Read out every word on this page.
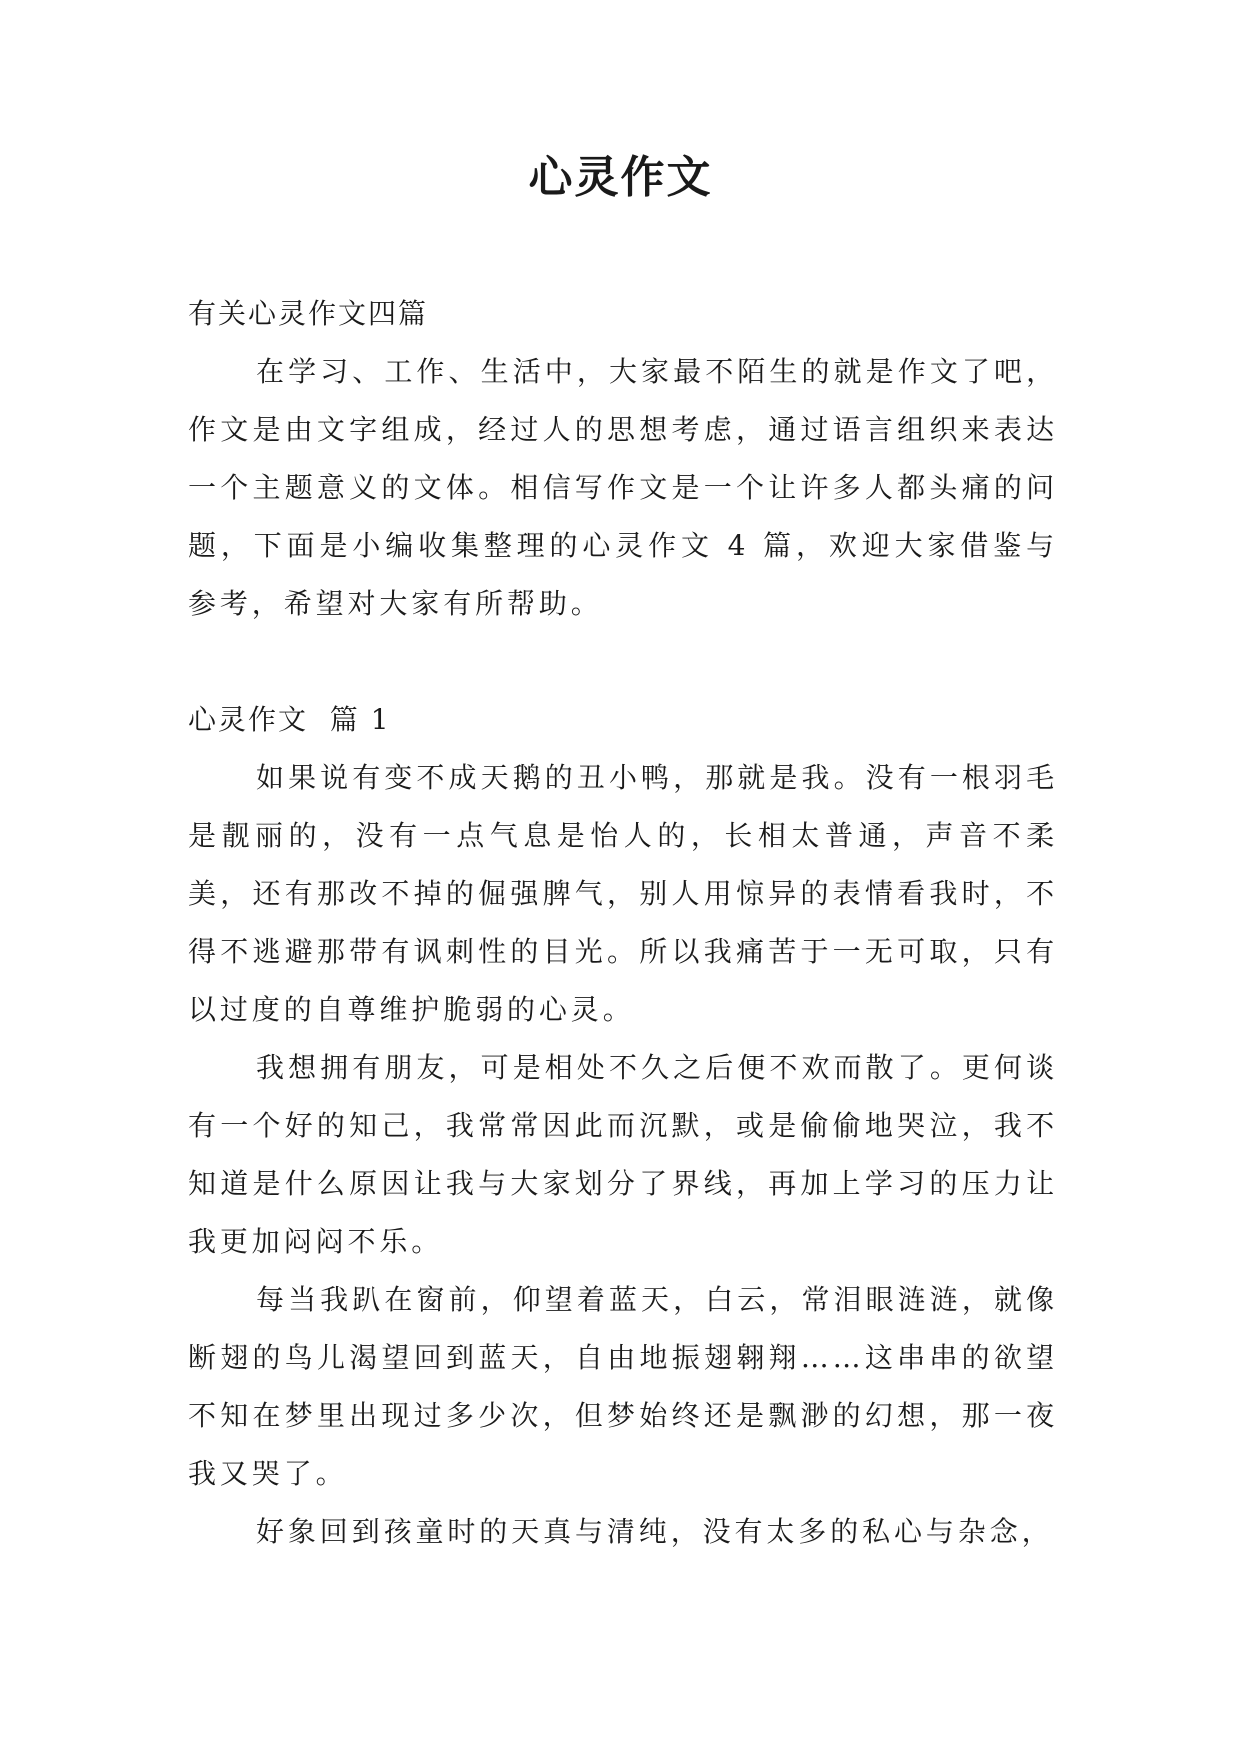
心灵作文

有关心灵作文四篇

在学习、工作、生活中，大家最不陌生的就是作文了吧，作文是由文字组成，经过人的思想考虑，通过语言组织来表达一个主题意义的文体。相信写作文是一个让许多人都头痛的问题，下面是小编收集整理的心灵作文 4 篇，欢迎大家借鉴与参考，希望对大家有所帮助。

心灵作文  篇 1

如果说有变不成天鹅的丑小鸭，那就是我。没有一根羽毛是靓丽的，没有一点气息是怡人的，长相太普通，声音不柔美，还有那改不掉的倔强脾气，别人用惊异的表情看我时，不得不逃避那带有讽刺性的目光。所以我痛苦于一无可取，只有以过度的自尊维护脆弱的心灵。

我想拥有朋友，可是相处不久之后便不欢而散了。更何谈有一个好的知己，我常常因此而沉默，或是偷偷地哭泣，我不知道是什么原因让我与大家划分了界线，再加上学习的压力让我更加闷闷不乐。

每当我趴在窗前，仰望着蓝天，白云，常泪眼涟涟，就像断翅的鸟儿渴望回到蓝天，自由地振翅翱翔……这串串的欲望不知在梦里出现过多少次，但梦始终还是飘渺的幻想，那一夜我又哭了。

好象回到孩童时的天真与清纯，没有太多的私心与杂念，
